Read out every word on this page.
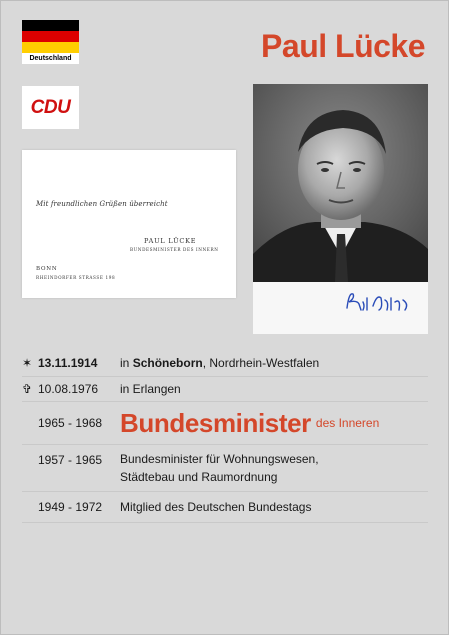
Deutschland	Paul Lücke
CDU
Mit freundlichen Grüßen überreicht
PAUL LÜCKE
BUNDESMINISTER DES INNERN
BONN
RHEINDORFER STRASSE 198
✶ 13.11.1914	in Schöneborn, Nordrhein-Westfalen
✞ 10.08.1976	in Erlangen
1965 - 1968 Bundesminister des Inneren
1957 - 1965	Bundesminister für Wohnungswesen,
Städtebau und Raumordnung
1949 - 1972	Mitglied des Deutschen Bundestags
